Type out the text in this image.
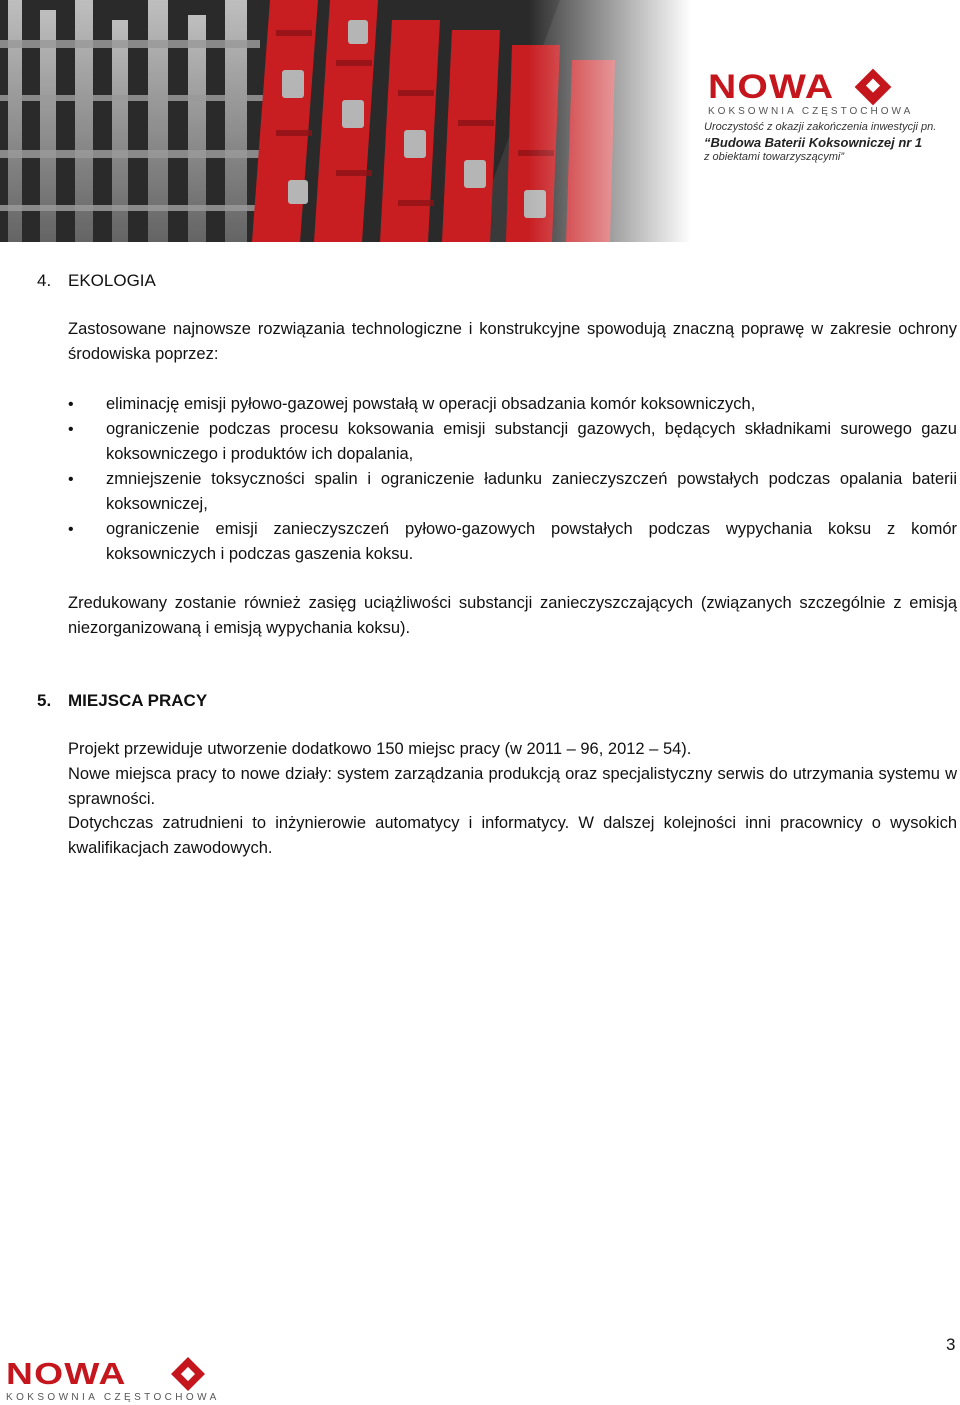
NOWA
KOKSOWNIA CZĘSTOCHOWA
Uroczystość z okazji zakończenia inwestycji pn.
“Budowa Baterii Koksowniczej nr 1
z obiektami towarzyszącymi”
4. EKOLOGIA
Zastosowane najnowsze rozwiązania technologiczne i konstrukcyjne spowodują znaczną poprawę w zakresie ochrony środowiska poprzez:
• eliminację emisji pyłowo-gazowej powstałą w operacji obsadzania komór koksowniczych,
• ograniczenie podczas procesu koksowania emisji substancji gazowych, będących składnikami surowego gazu koksowniczego i produktów ich dopalania,
• zmniejszenie toksyczności spalin i ograniczenie ładunku zanieczyszczeń powstałych podczas opalania baterii koksowniczej,
• ograniczenie emisji zanieczyszczeń pyłowo-gazowych powstałych podczas wypychania koksu z komór koksowniczych i podczas gaszenia koksu.
Zredukowany zostanie również zasięg uciążliwości substancji zanieczyszczających (związanych szczególnie z emisją niezorganizowaną i emisją wypychania koksu).
5. MIEJSCA PRACY
Projekt przewiduje utworzenie dodatkowo 150 miejsc pracy (w 2011 – 96, 2012 – 54).
Nowe miejsca pracy to nowe działy: system zarządzania produkcją oraz specjalistyczny serwis do utrzymania systemu w sprawności.
Dotychczas zatrudnieni to inżynierowie automatycy i informatycy. W dalszej kolejności inni pracownicy o wysokich kwalifikacjach zawodowych.
3
NOWA
KOKSOWNIA CZĘSTOCHOWA
